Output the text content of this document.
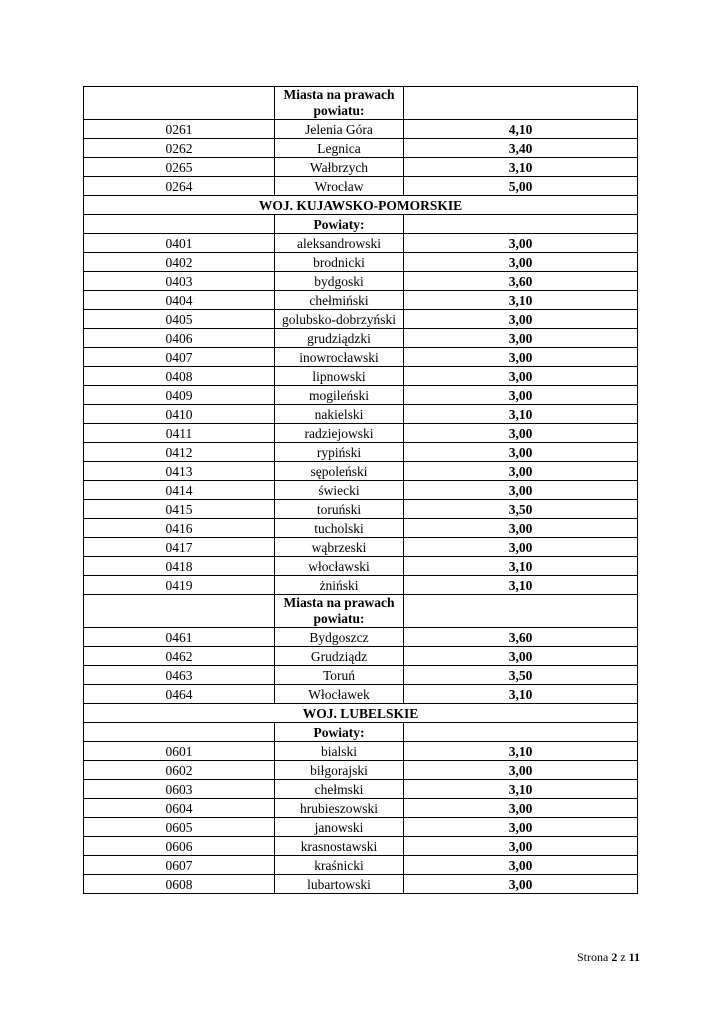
	Miasta na prawach powiatu:	
0261	Jelenia Góra	4,10
0262	Legnica	3,40
0265	Wałbrzych	3,10
0264	Wrocław	5,00
WOJ. KUJAWSKO-POMORSKIE		
	Powiaty:	
0401	aleksandrowski	3,00
0402	brodnicki	3,00
0403	bydgoski	3,60
0404	chełmiński	3,10
0405	golubsko-dobrzyński	3,00
0406	grudziądzki	3,00
0407	inowrocławski	3,00
0408	lipnowski	3,00
0409	mogileński	3,00
0410	nakielski	3,10
0411	radziejowski	3,00
0412	rypiński	3,00
0413	sępoleński	3,00
0414	świecki	3,00
0415	toruński	3,50
0416	tucholski	3,00
0417	wąbrzeski	3,00
0418	włocławski	3,10
0419	żniński	3,10
	Miasta na prawach powiatu:	
0461	Bydgoszcz	3,60
0462	Grudziądz	3,00
0463	Toruń	3,50
0464	Włocławek	3,10
WOJ. LUBELSKIE		
	Powiaty:	
0601	bialski	3,10
0602	biłgorajski	3,00
0603	chełmski	3,10
0604	hrubieszowski	3,00
0605	janowski	3,00
0606	krasnostawski	3,00
0607	kraśnicki	3,00
0608	lubartowski	3,00
Strona 2 z 11
